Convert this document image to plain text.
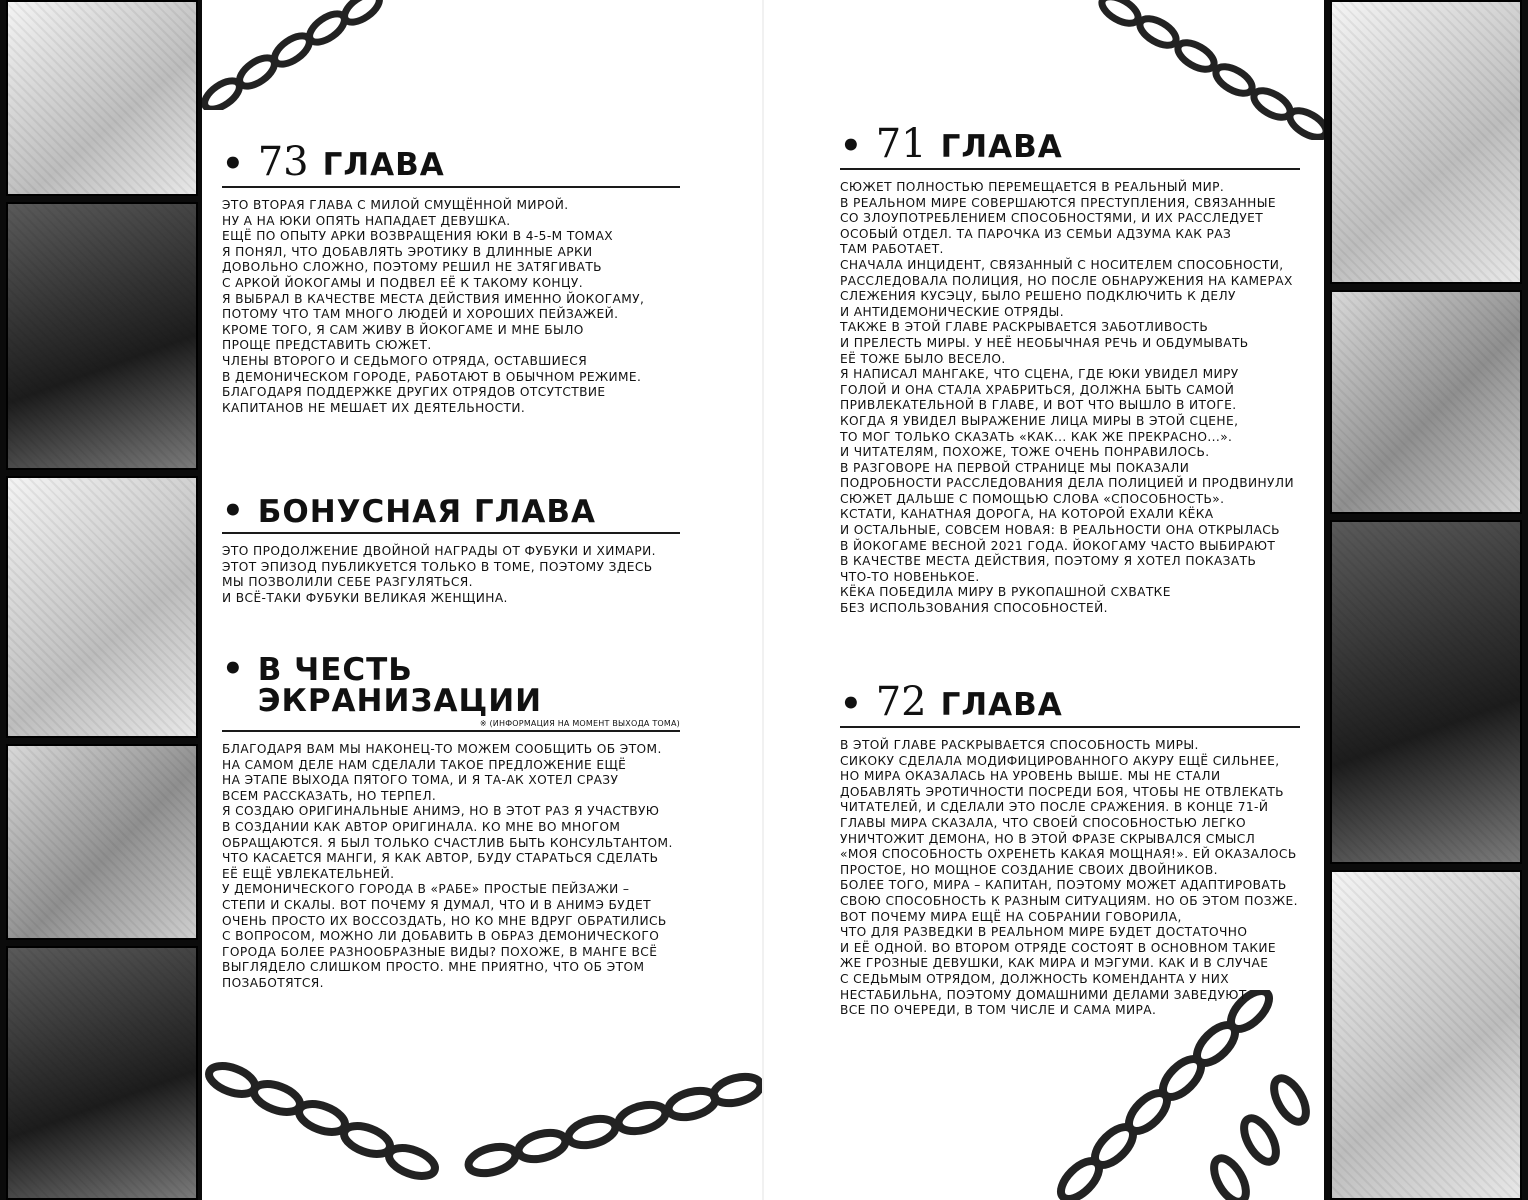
• 73 ГЛАВА

ЭТО ВТОРАЯ ГЛАВА С МИЛОЙ СМУЩЁННОЙ МИРОЙ.
НУ А НА ЮКИ ОПЯТЬ НАПАДАЕТ ДЕВУШКА.
ЕЩЁ ПО ОПЫТУ АРКИ ВОЗВРАЩЕНИЯ ЮКИ В 4-5-М ТОМАХ
Я ПОНЯЛ, ЧТО ДОБАВЛЯТЬ ЭРОТИКУ В ДЛИННЫЕ АРКИ
ДОВОЛЬНО СЛОЖНО, ПОЭТОМУ РЕШИЛ НЕ ЗАТЯГИВАТЬ
С АРКОЙ ЙОКОГАМЫ И ПОДВЕЛ ЕЁ К ТАКОМУ КОНЦУ.
Я ВЫБРАЛ В КАЧЕСТВЕ МЕСТА ДЕЙСТВИЯ ИМЕННО ЙОКОГАМУ,
ПОТОМУ ЧТО ТАМ МНОГО ЛЮДЕЙ И ХОРОШИХ ПЕЙЗАЖЕЙ.
КРОМЕ ТОГО, Я САМ ЖИВУ В ЙОКОГАМЕ И МНЕ БЫЛО
ПРОЩЕ ПРЕДСТАВИТЬ СЮЖЕТ.
ЧЛЕНЫ ВТОРОГО И СЕДЬМОГО ОТРЯДА, ОСТАВШИЕСЯ
В ДЕМОНИЧЕСКОМ ГОРОДЕ, РАБОТАЮТ В ОБЫЧНОМ РЕЖИМЕ.
БЛАГОДАРЯ ПОДДЕРЖКЕ ДРУГИХ ОТРЯДОВ ОТСУТСТВИЕ
КАПИТАНОВ НЕ МЕШАЕТ ИХ ДЕЯТЕЛЬНОСТИ.

• БОНУСНАЯ ГЛАВА

ЭТО ПРОДОЛЖЕНИЕ ДВОЙНОЙ НАГРАДЫ ОТ ФУБУКИ И ХИМАРИ.
ЭТОТ ЭПИЗОД ПУБЛИКУЕТСЯ ТОЛЬКО В ТОМЕ, ПОЭТОМУ ЗДЕСЬ
МЫ ПОЗВОЛИЛИ СЕБЕ РАЗГУЛЯТЬСЯ.
И ВСЁ-ТАКИ ФУБУКИ ВЕЛИКАЯ ЖЕНЩИНА.

• В ЧЕСТЬ ЭКРАНИЗАЦИИ
※ (ИНФОРМАЦИЯ НА МОМЕНТ ВЫХОДА ТОМА)

БЛАГОДАРЯ ВАМ МЫ НАКОНЕЦ-ТО МОЖЕМ СООБЩИТЬ ОБ ЭТОМ.
НА САМОМ ДЕЛЕ НАМ СДЕЛАЛИ ТАКОЕ ПРЕДЛОЖЕНИЕ ЕЩЁ
НА ЭТАПЕ ВЫХОДА ПЯТОГО ТОМА, И Я ТА-АК ХОТЕЛ СРАЗУ
ВСЕМ РАССКАЗАТЬ, НО ТЕРПЕЛ.
Я СОЗДАЮ ОРИГИНАЛЬНЫЕ АНИМЭ, НО В ЭТОТ РАЗ Я УЧАСТВУЮ
В СОЗДАНИИ КАК АВТОР ОРИГИНАЛА. КО МНЕ ВО МНОГОМ
ОБРАЩАЮТСЯ. Я БЫЛ ТОЛЬКО СЧАСТЛИВ БЫТЬ КОНСУЛЬТАНТОМ.
ЧТО КАСАЕТСЯ МАНГИ, Я КАК АВТОР, БУДУ СТАРАТЬСЯ СДЕЛАТЬ
ЕЁ ЕЩЁ УВЛЕКАТЕЛЬНЕЙ.
У ДЕМОНИЧЕСКОГО ГОРОДА В «РАБЕ» ПРОСТЫЕ ПЕЙЗАЖИ –
СТЕПИ И СКАЛЫ. ВОТ ПОЧЕМУ Я ДУМАЛ, ЧТО И В АНИМЭ БУДЕТ
ОЧЕНЬ ПРОСТО ИХ ВОССОЗДАТЬ, НО КО МНЕ ВДРУГ ОБРАТИЛИСЬ
С ВОПРОСОМ, МОЖНО ЛИ ДОБАВИТЬ В ОБРАЗ ДЕМОНИЧЕСКОГО
ГОРОДА БОЛЕЕ РАЗНООБРАЗНЫЕ ВИДЫ? ПОХОЖЕ, В МАНГЕ ВСЁ
ВЫГЛЯДЕЛО СЛИШКОМ ПРОСТО. МНЕ ПРИЯТНО, ЧТО ОБ ЭТОМ
ПОЗАБОТЯТСЯ.

• 71 ГЛАВА

СЮЖЕТ ПОЛНОСТЬЮ ПЕРЕМЕЩАЕТСЯ В РЕАЛЬНЫЙ МИР.
В РЕАЛЬНОМ МИРЕ СОВЕРШАЮТСЯ ПРЕСТУПЛЕНИЯ, СВЯЗАННЫЕ
СО ЗЛОУПОТРЕБЛЕНИЕМ СПОСОБНОСТЯМИ, И ИХ РАССЛЕДУЕТ
ОСОБЫЙ ОТДЕЛ. ТА ПАРОЧКА ИЗ СЕМЬИ АДЗУМА КАК РАЗ
ТАМ РАБОТАЕТ.
СНАЧАЛА ИНЦИДЕНТ, СВЯЗАННЫЙ С НОСИТЕЛЕМ СПОСОБНОСТИ,
РАССЛЕДОВАЛА ПОЛИЦИЯ, НО ПОСЛЕ ОБНАРУЖЕНИЯ НА КАМЕРАХ
СЛЕЖЕНИЯ КУСЭЦУ, БЫЛО РЕШЕНО ПОДКЛЮЧИТЬ К ДЕЛУ
И АНТИДЕМОНИЧЕСКИЕ ОТРЯДЫ.
ТАКЖЕ В ЭТОЙ ГЛАВЕ РАСКРЫВАЕТСЯ ЗАБОТЛИВОСТЬ
И ПРЕЛЕСТЬ МИРЫ. У НЕЁ НЕОБЫЧНАЯ РЕЧЬ И ОБДУМЫВАТЬ
ЕЁ ТОЖЕ БЫЛО ВЕСЕЛО.
Я НАПИСАЛ МАНГАКЕ, ЧТО СЦЕНА, ГДЕ ЮКИ УВИДЕЛ МИРУ
ГОЛОЙ И ОНА СТАЛА ХРАБРИТЬСЯ, ДОЛЖНА БЫТЬ САМОЙ
ПРИВЛЕКАТЕЛЬНОЙ В ГЛАВЕ, И ВОТ ЧТО ВЫШЛО В ИТОГЕ.
КОГДА Я УВИДЕЛ ВЫРАЖЕНИЕ ЛИЦА МИРЫ В ЭТОЙ СЦЕНЕ,
ТО МОГ ТОЛЬКО СКАЗАТЬ «КАК... КАК ЖЕ ПРЕКРАСНО...».
И ЧИТАТЕЛЯМ, ПОХОЖЕ, ТОЖЕ ОЧЕНЬ ПОНРАВИЛОСЬ.
В РАЗГОВОРЕ НА ПЕРВОЙ СТРАНИЦЕ МЫ ПОКАЗАЛИ
ПОДРОБНОСТИ РАССЛЕДОВАНИЯ ДЕЛА ПОЛИЦИЕЙ И ПРОДВИНУЛИ
СЮЖЕТ ДАЛЬШЕ С ПОМОЩЬЮ СЛОВА «СПОСОБНОСТЬ».
КСТАТИ, КАНАТНАЯ ДОРОГА, НА КОТОРОЙ ЕХАЛИ КЁКА
И ОСТАЛЬНЫЕ, СОВСЕМ НОВАЯ: В РЕАЛЬНОСТИ ОНА ОТКРЫЛАСЬ
В ЙОКОГАМЕ ВЕСНОЙ 2021 ГОДА. ЙОКОГАМУ ЧАСТО ВЫБИРАЮТ
В КАЧЕСТВЕ МЕСТА ДЕЙСТВИЯ, ПОЭТОМУ Я ХОТЕЛ ПОКАЗАТЬ
ЧТО-ТО НОВЕНЬКОЕ.
КЁКА ПОБЕДИЛА МИРУ В РУКОПАШНОЙ СХВАТКЕ
БЕЗ ИСПОЛЬЗОВАНИЯ СПОСОБНОСТЕЙ.

• 72 ГЛАВА

В ЭТОЙ ГЛАВЕ РАСКРЫВАЕТСЯ СПОСОБНОСТЬ МИРЫ.
СИКОКУ СДЕЛАЛА МОДИФИЦИРОВАННОГО АКУРУ ЕЩЁ СИЛЬНЕЕ,
НО МИРА ОКАЗАЛАСЬ НА УРОВЕНЬ ВЫШЕ. МЫ НЕ СТАЛИ
ДОБАВЛЯТЬ ЭРОТИЧНОСТИ ПОСРЕДИ БОЯ, ЧТОБЫ НЕ ОТВЛЕКАТЬ
ЧИТАТЕЛЕЙ, И СДЕЛАЛИ ЭТО ПОСЛЕ СРАЖЕНИЯ. В КОНЦЕ 71-Й
ГЛАВЫ МИРА СКАЗАЛА, ЧТО СВОЕЙ СПОСОБНОСТЬЮ ЛЕГКО
УНИЧТОЖИТ ДЕМОНА, НО В ЭТОЙ ФРАЗЕ СКРЫВАЛСЯ СМЫСЛ
«МОЯ СПОСОБНОСТЬ ОХРЕНЕТЬ КАКАЯ МОЩНАЯ!». ЕЙ ОКАЗАЛОСЬ
ПРОСТОЕ, НО МОЩНОЕ СОЗДАНИЕ СВОИХ ДВОЙНИКОВ.
БОЛЕЕ ТОГО, МИРА – КАПИТАН, ПОЭТОМУ МОЖЕТ АДАПТИРОВАТЬ
СВОЮ СПОСОБНОСТЬ К РАЗНЫМ СИТУАЦИЯМ. НО ОБ ЭТОМ ПОЗЖЕ.
ВОТ ПОЧЕМУ МИРА ЕЩЁ НА СОБРАНИИ ГОВОРИЛА,
ЧТО ДЛЯ РАЗВЕДКИ В РЕАЛЬНОМ МИРЕ БУДЕТ ДОСТАТОЧНО
И ЕЁ ОДНОЙ. ВО ВТОРОМ ОТРЯДЕ СОСТОЯТ В ОСНОВНОМ ТАКИЕ
ЖЕ ГРОЗНЫЕ ДЕВУШКИ, КАК МИРА И МЭГУМИ. КАК И В СЛУЧАЕ
С СЕДЬМЫМ ОТРЯДОМ, ДОЛЖНОСТЬ КОМЕНДАНТА У НИХ
НЕСТАБИЛЬНА, ПОЭТОМУ ДОМАШНИМИ ДЕЛАМИ ЗАВЕДУЮТ
ВСЕ ПО ОЧЕРЕДИ, В ТОМ ЧИСЛЕ И САМА МИРА.
